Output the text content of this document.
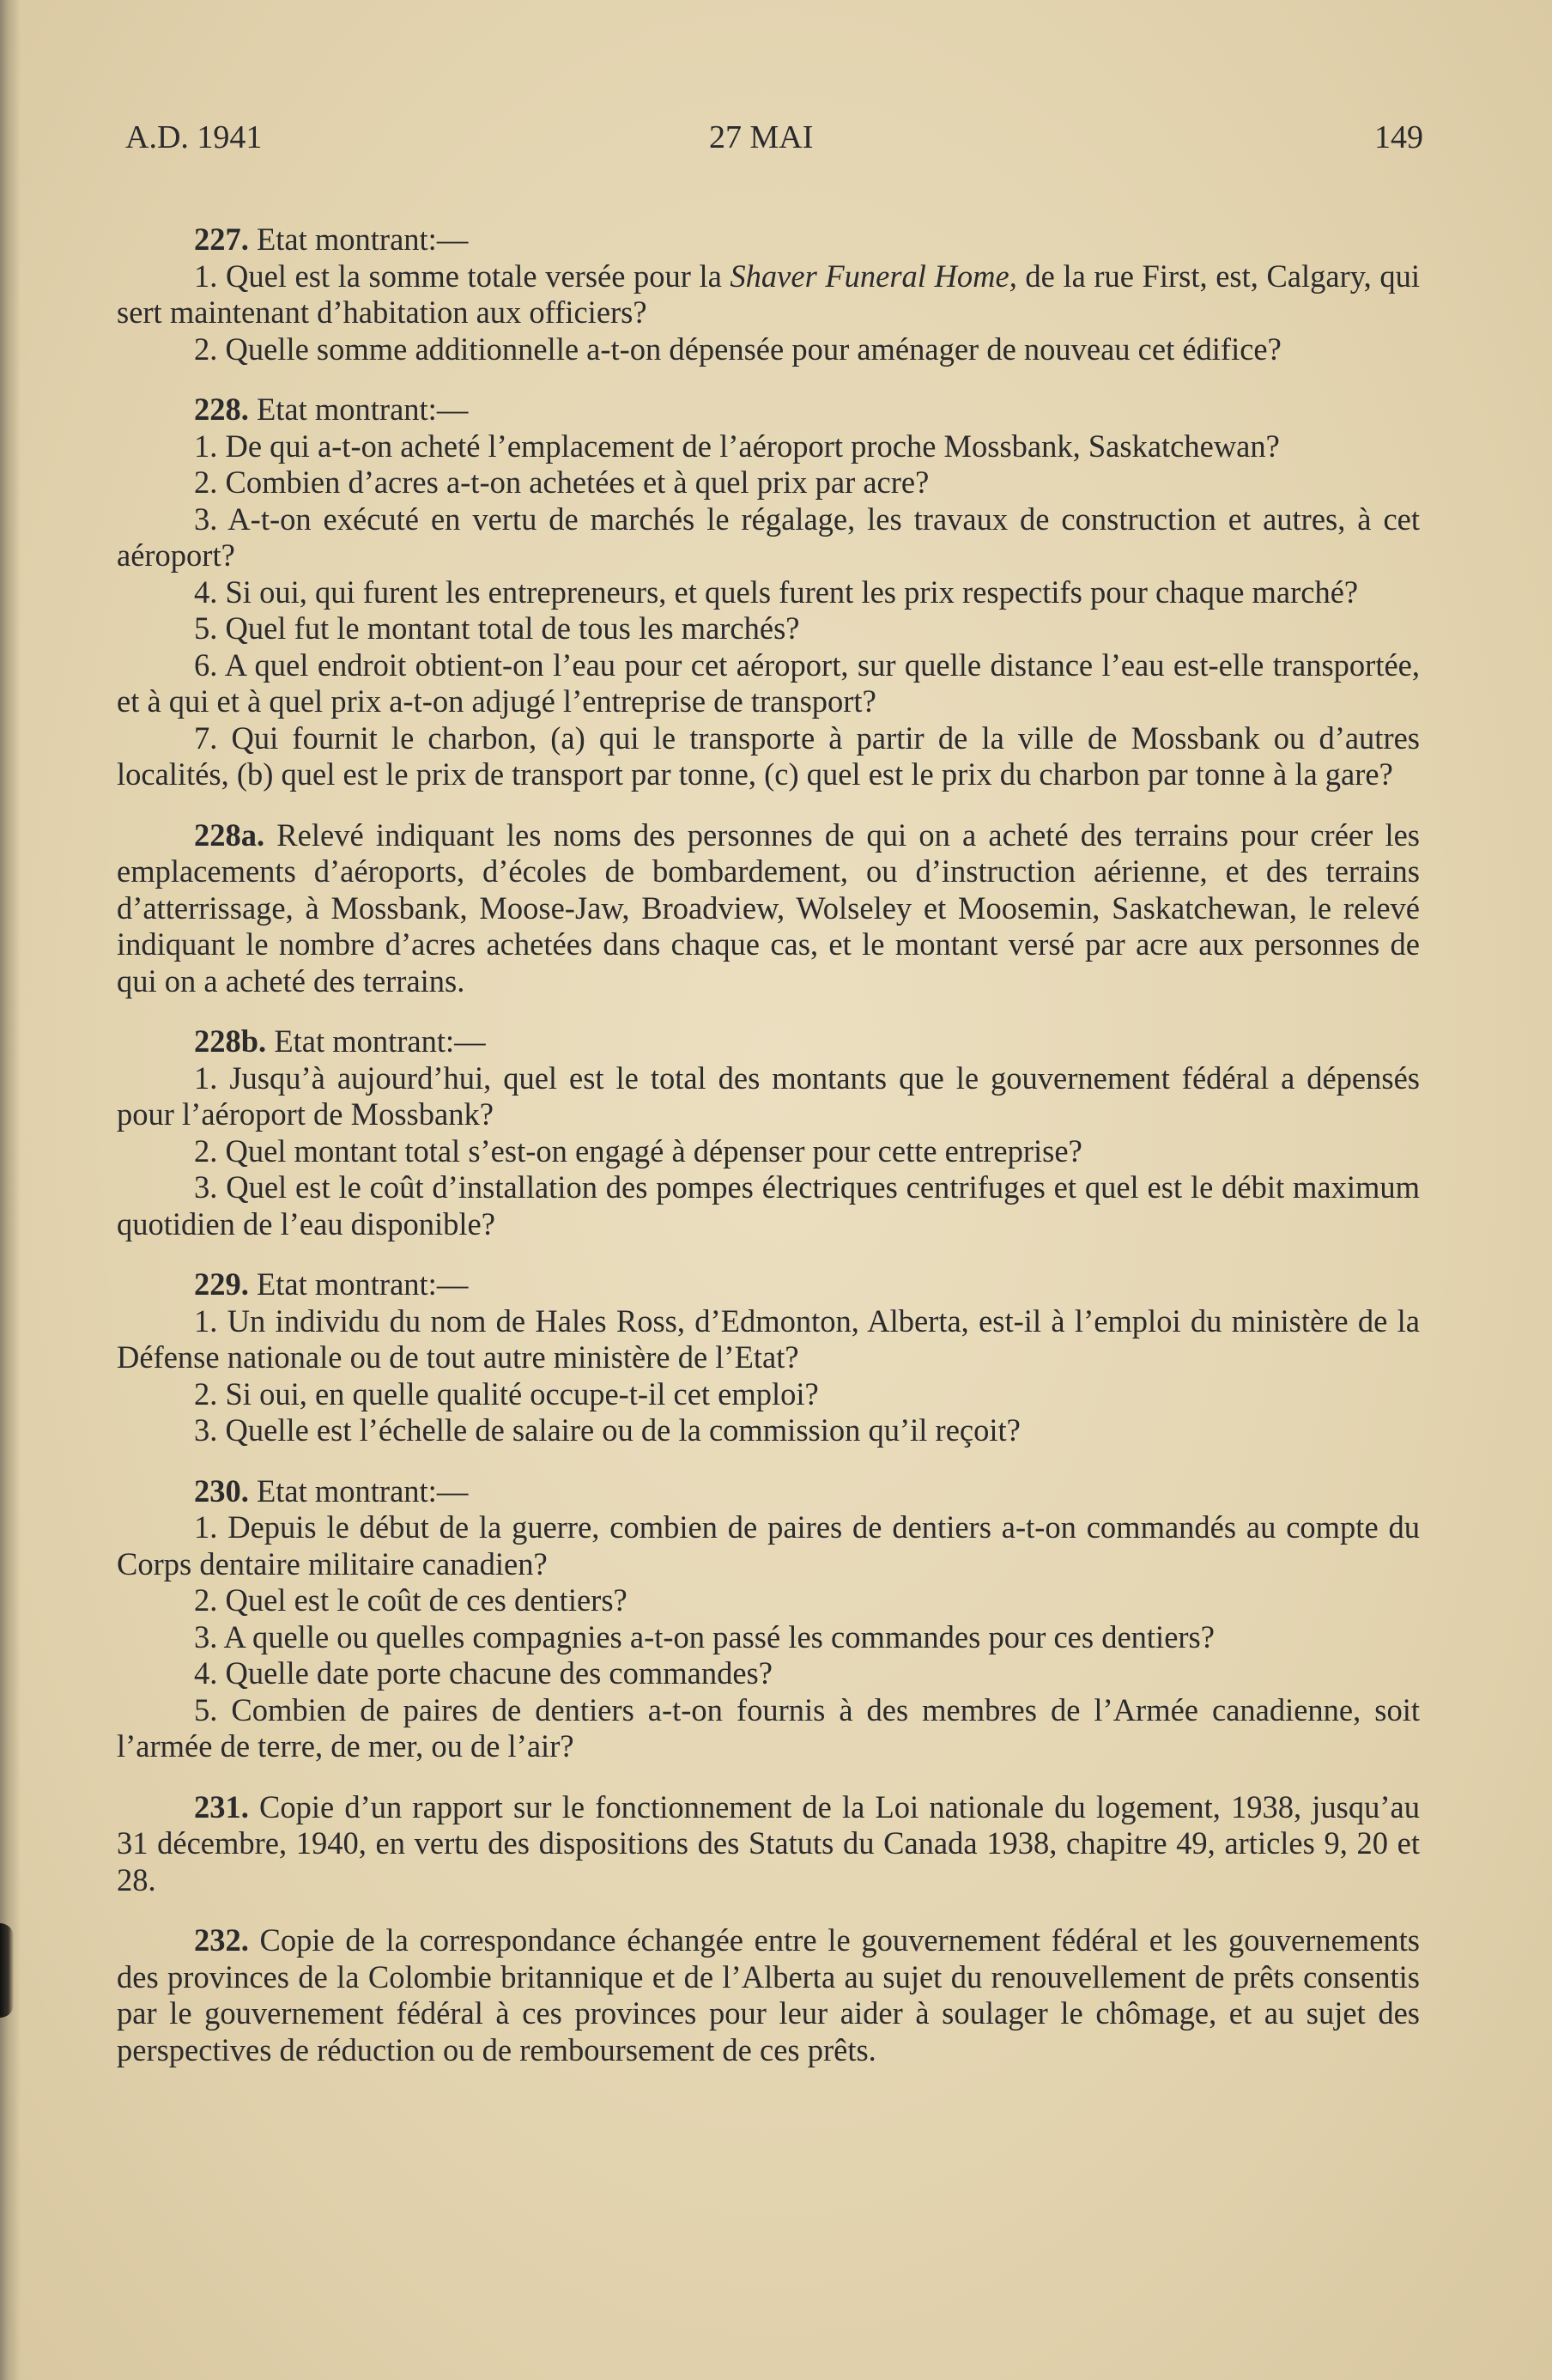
A.D. 1941	27 MAI	149

227. Etat montrant:—

1. Quel est la somme totale versée pour la Shaver Funeral Home, de la rue First, est, Calgary, qui sert maintenant d’habitation aux officiers?

2. Quelle somme additionnelle a-t-on dépensée pour aménager de nouveau cet édifice?

228. Etat montrant:—

1. De qui a-t-on acheté l’emplacement de l’aéroport proche Mossbank, Saskatchewan?

2. Combien d’acres a-t-on achetées et à quel prix par acre?

3. A-t-on exécuté en vertu de marchés le régalage, les travaux de construction et autres, à cet aéroport?

4. Si oui, qui furent les entrepreneurs, et quels furent les prix respectifs pour chaque marché?

5. Quel fut le montant total de tous les marchés?

6. A quel endroit obtient-on l’eau pour cet aéroport, sur quelle distance l’eau est-elle transportée, et à qui et à quel prix a-t-on adjugé l’entreprise de transport?

7. Qui fournit le charbon, (a) qui le transporte à partir de la ville de Mossbank ou d’autres localités, (b) quel est le prix de transport par tonne, (c) quel est le prix du charbon par tonne à la gare?

228a. Relevé indiquant les noms des personnes de qui on a acheté des terrains pour créer les emplacements d’aéroports, d’écoles de bombardement, ou d’instruction aérienne, et des terrains d’atterrissage, à Mossbank, Moose-Jaw, Broadview, Wolseley et Moosemin, Saskatchewan, le relevé indiquant le nombre d’acres achetées dans chaque cas, et le montant versé par acre aux personnes de qui on a acheté des terrains.

228b. Etat montrant:—

1. Jusqu’à aujourd’hui, quel est le total des montants que le gouvernement fédéral a dépensés pour l’aéroport de Mossbank?

2. Quel montant total s’est-on engagé à dépenser pour cette entreprise?

3. Quel est le coût d’installation des pompes électriques centrifuges et quel est le débit maximum quotidien de l’eau disponible?

229. Etat montrant:—

1. Un individu du nom de Hales Ross, d’Edmonton, Alberta, est-il à l’emploi du ministère de la Défense nationale ou de tout autre ministère de l’Etat?

2. Si oui, en quelle qualité occupe-t-il cet emploi?

3. Quelle est l’échelle de salaire ou de la commission qu’il reçoit?

230. Etat montrant:—

1. Depuis le début de la guerre, combien de paires de dentiers a-t-on commandés au compte du Corps dentaire militaire canadien?

2. Quel est le coût de ces dentiers?

3. A quelle ou quelles compagnies a-t-on passé les commandes pour ces dentiers?

4. Quelle date porte chacune des commandes?

5. Combien de paires de dentiers a-t-on fournis à des membres de l’Armée canadienne, soit l’armée de terre, de mer, ou de l’air?

231. Copie d’un rapport sur le fonctionnement de la Loi nationale du logement, 1938, jusqu’au 31 décembre, 1940, en vertu des dispositions des Statuts du Canada 1938, chapitre 49, articles 9, 20 et 28.

232. Copie de la correspondance échangée entre le gouvernement fédéral et les gouvernements des provinces de la Colombie britannique et de l’Alberta au sujet du renouvellement de prêts consentis par le gouvernement fédéral à ces provinces pour leur aider à soulager le chômage, et au sujet des perspectives de réduction ou de remboursement de ces prêts.
